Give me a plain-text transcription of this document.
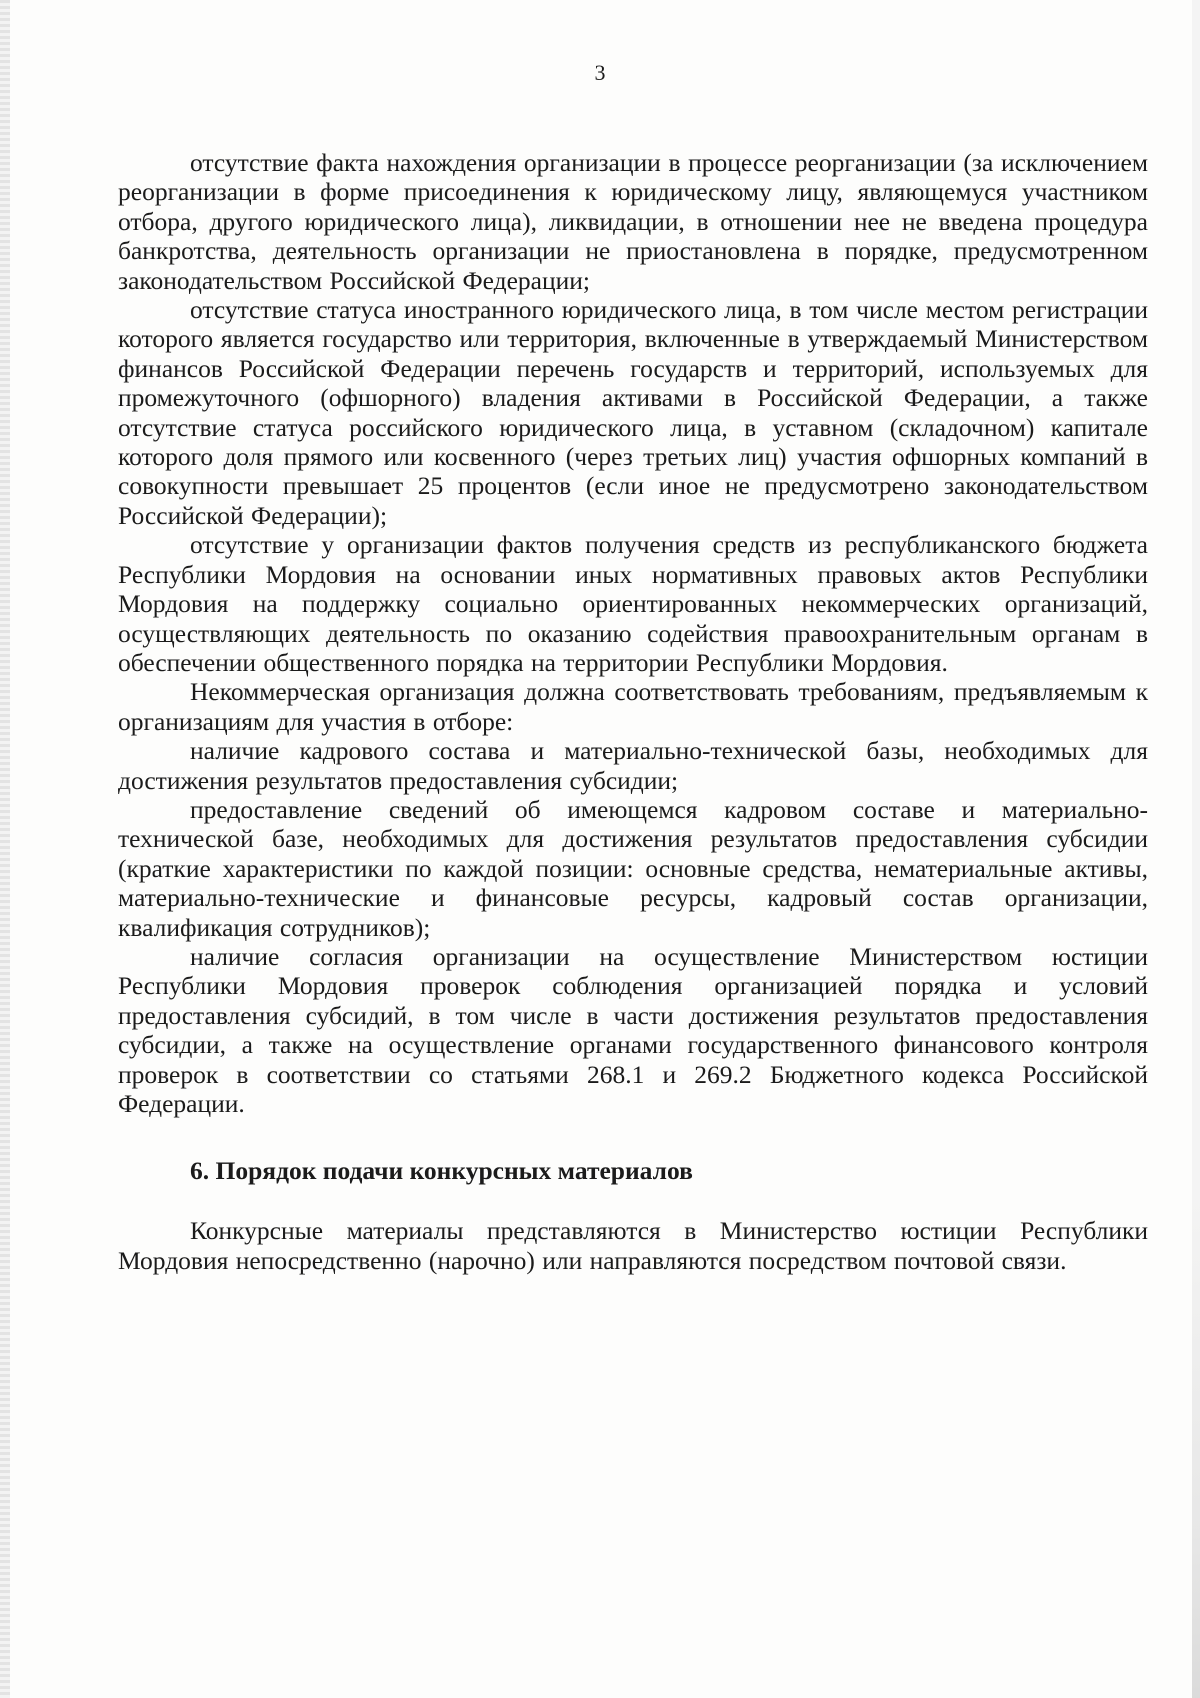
3

отсутствие факта нахождения организации в процессе реорганизации (за исключением реорганизации в форме присоединения к юридическому лицу, являющемуся участником отбора, другого юридического лица), ликвидации, в отношении нее не введена процедура банкротства, деятельность организации не приостановлена в порядке, предусмотренном законодательством Российской Федерации;

отсутствие статуса иностранного юридического лица, в том числе местом регистрации которого является государство или территория, включенные в утверждаемый Министерством финансов Российской Федерации перечень государств и территорий, используемых для промежуточного (офшорного) владения активами в Российской Федерации, а также отсутствие статуса российского юридического лица, в уставном (складочном) капитале которого доля прямого или косвенного (через третьих лиц) участия офшорных компаний в совокупности превышает 25 процентов (если иное не предусмотрено законодательством Российской Федерации);

отсутствие у организации фактов получения средств из республиканского бюджета Республики Мордовия на основании иных нормативных правовых актов Республики Мордовия на поддержку социально ориентированных некоммерческих организаций, осуществляющих деятельность по оказанию содействия правоохранительным органам в обеспечении общественного порядка на территории Республики Мордовия.

Некоммерческая организация должна соответствовать требованиям, предъявляемым к организациям для участия в отборе:

наличие кадрового состава и материально-технической базы, необходимых для достижения результатов предоставления субсидии;

предоставление сведений об имеющемся кадровом составе и материально-технической базе, необходимых для достижения результатов предоставления субсидии (краткие характеристики по каждой позиции: основные средства, нематериальные активы, материально-технические и финансовые ресурсы, кадровый состав организации, квалификация сотрудников);

наличие согласия организации на осуществление Министерством юстиции Республики Мордовия проверок соблюдения организацией порядка и условий предоставления субсидий, в том числе в части достижения результатов предоставления субсидии, а также на осуществление органами государственного финансового контроля проверок в соответствии со статьями 268.1 и 269.2 Бюджетного кодекса Российской Федерации.

6. Порядок подачи конкурсных материалов

Конкурсные материалы представляются в Министерство юстиции Республики Мордовия непосредственно (нарочно) или направляются посредством почтовой связи.
